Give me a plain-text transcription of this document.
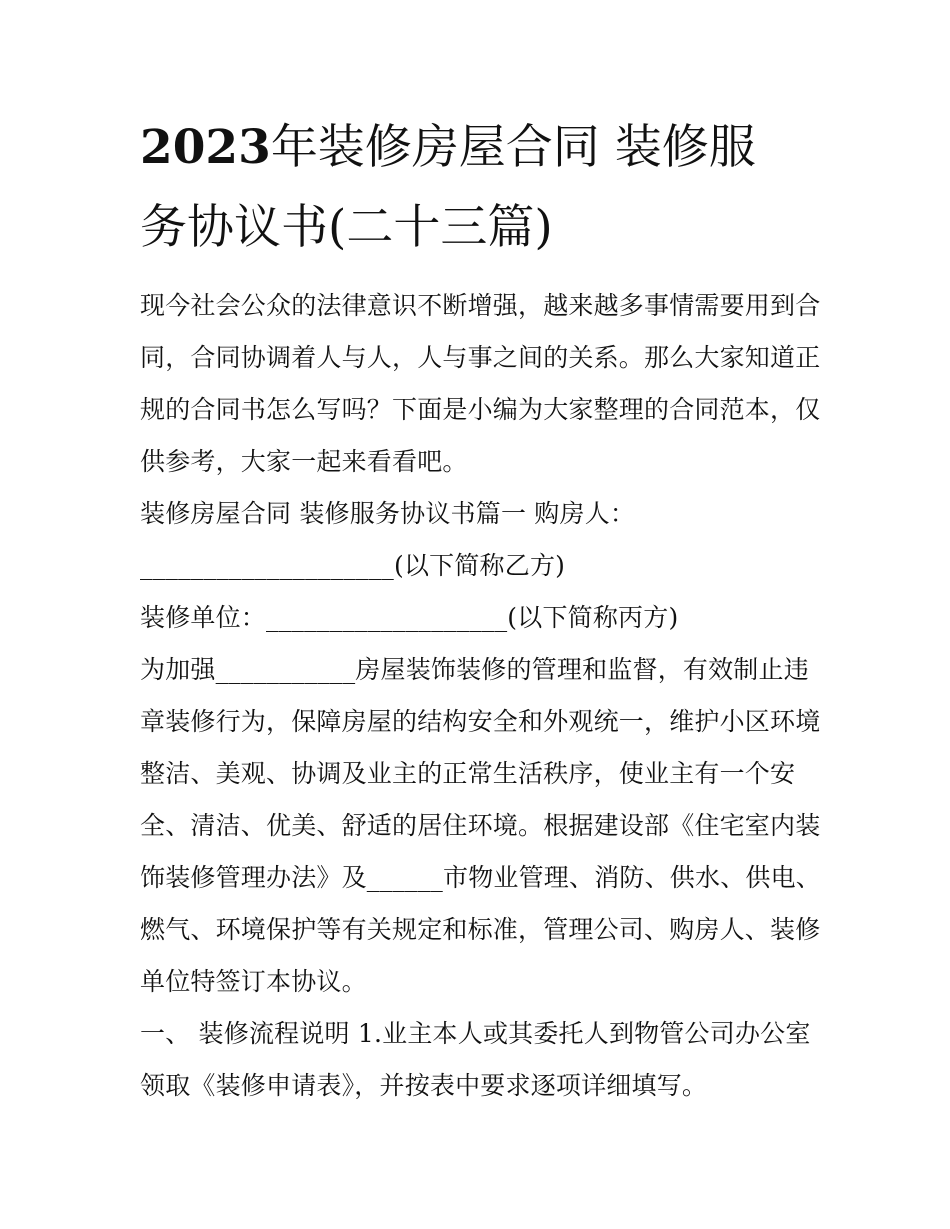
2023年装修房屋合同 装修服
务协议书(二十三篇)
现今社会公众的法律意识不断增强，越来越多事情需要用到合
同，合同协调着人与人，人与事之间的关系。那么大家知道正
规的合同书怎么写吗？下面是小编为大家整理的合同范本，仅
供参考，大家一起来看看吧。
装修房屋合同 装修服务协议书篇一 购房人：
____________________(以下简称乙方)
装修单位：___________________(以下简称丙方)
为加强___________房屋装饰装修的管理和监督，有效制止违
章装修行为，保障房屋的结构安全和外观统一，维护小区环境
整洁、美观、协调及业主的正常生活秩序，使业主有一个安
全、清洁、优美、舒适的居住环境。根据建设部《住宅室内装
饰装修管理办法》及______市物业管理、消防、供水、供电、
燃气、环境保护等有关规定和标准，管理公司、购房人、装修
单位特签订本协议。
一、 装修流程说明 1.业主本人或其委托人到物管公司办公室
领取《装修申请表》，并按表中要求逐项详细填写。
